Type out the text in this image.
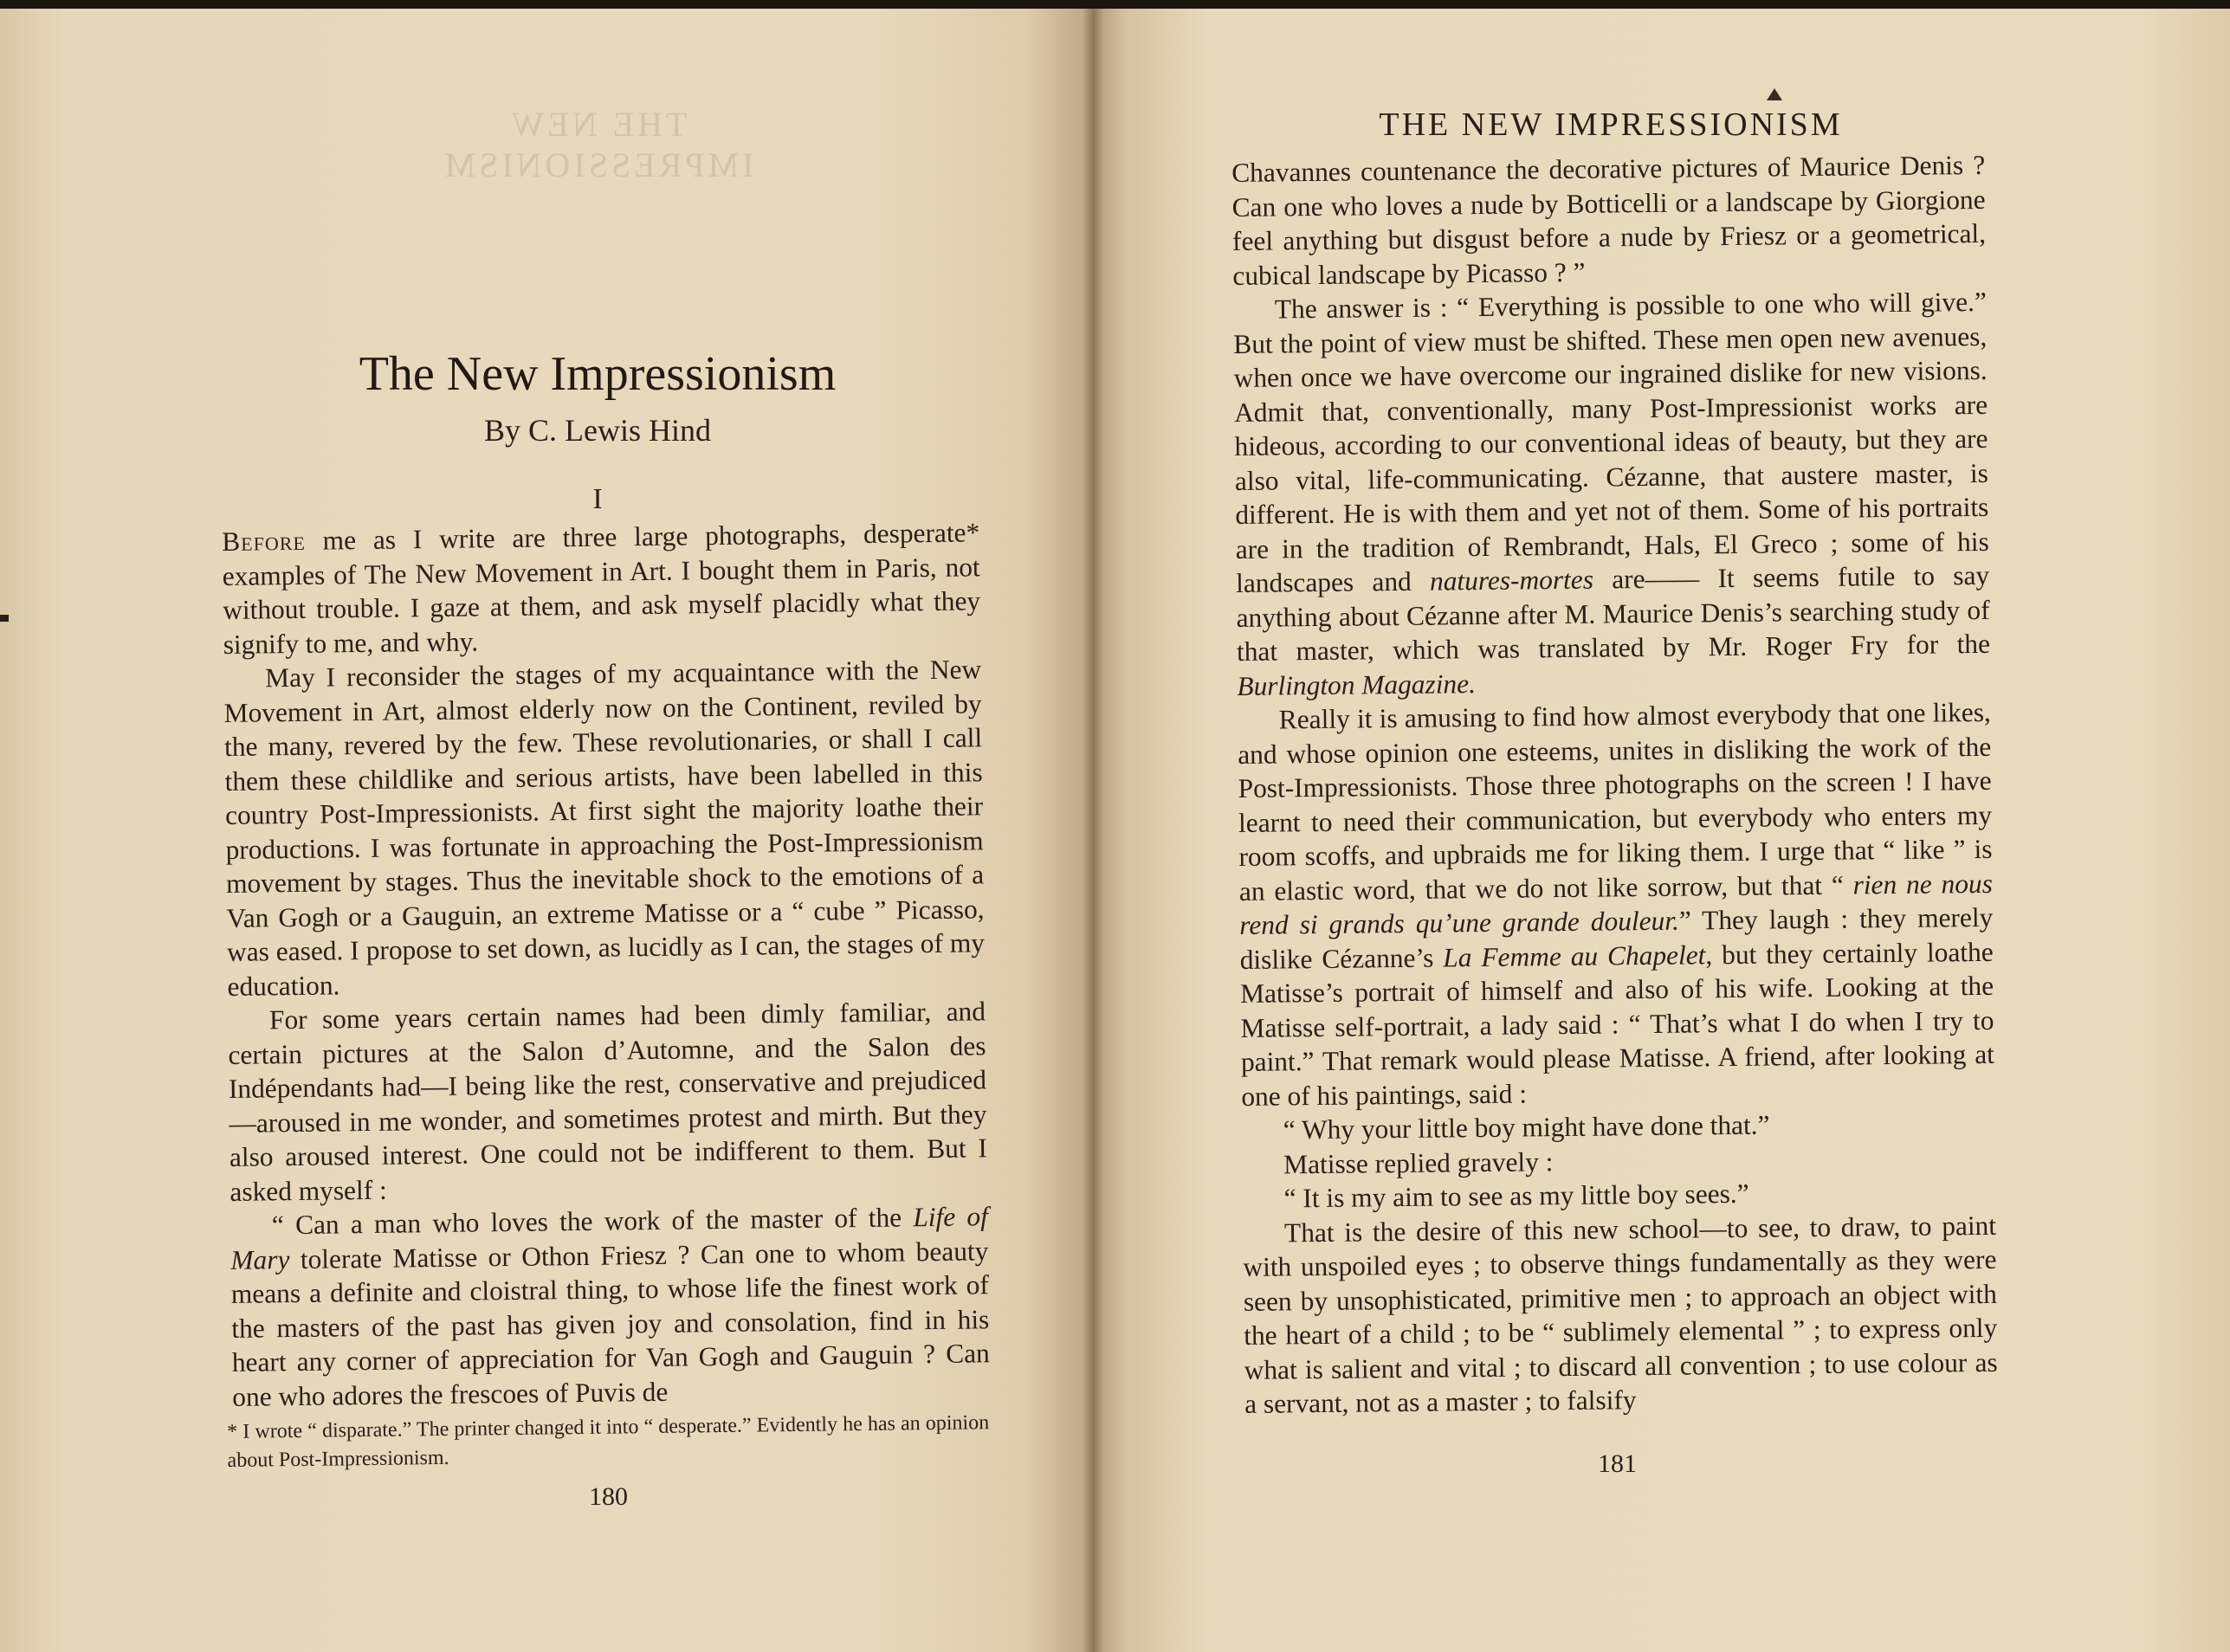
THE NEW IMPRESSIONISM
The New Impressionism
By C. Lewis Hind
I

Before me as I write are three large photographs, desperate* examples of The New Movement in Art. I bought them in Paris, not without trouble. I gaze at them, and ask myself placidly what they signify to me, and why.

May I reconsider the stages of my acquaintance with the New Movement in Art, almost elderly now on the Continent, reviled by the many, revered by the few. These revolutionaries, or shall I call them these childlike and serious artists, have been labelled in this country Post-Impressionists. At first sight the majority loathe their productions. I was fortunate in approaching the Post-Impressionism movement by stages. Thus the inevitable shock to the emotions of a Van Gogh or a Gauguin, an extreme Matisse or a “ cube ” Picasso, was eased. I propose to set down, as lucidly as I can, the stages of my education.

For some years certain names had been dimly familiar, and certain pictures at the Salon d’Automne, and the Salon des Indépendants had—I being like the rest, conservative and prejudiced—aroused in me wonder, and sometimes protest and mirth. But they also aroused interest. One could not be indifferent to them. But I asked myself :

“ Can a man who loves the work of the master of the Life of Mary tolerate Matisse or Othon Friesz ? Can one to whom beauty means a definite and cloistral thing, to whose life the finest work of the masters of the past has given joy and consolation, find in his heart any corner of appreciation for Van Gogh and Gauguin ? Can one who adores the frescoes of Puvis de

* I wrote “ disparate.” The printer changed it into “ desperate.” Evidently he has an opinion about Post-Impressionism.
180
THE NEW IMPRESSIONISM

Chavannes countenance the decorative pictures of Maurice Denis ? Can one who loves a nude by Botticelli or a landscape by Giorgione feel anything but disgust before a nude by Friesz or a geometrical, cubical landscape by Picasso ? ”

The answer is : “ Everything is possible to one who will give.” But the point of view must be shifted. These men open new avenues, when once we have overcome our ingrained dislike for new visions. Admit that, conventionally, many Post-Impressionist works are hideous, according to our conventional ideas of beauty, but they are also vital, life-communicating. Cézanne, that austere master, is different. He is with them and yet not of them. Some of his portraits are in the tradition of Rembrandt, Hals, El Greco ; some of his landscapes and natures-mortes are—— It seems futile to say anything about Cézanne after M. Maurice Denis’s searching study of that master, which was translated by Mr. Roger Fry for the Burlington Magazine.

Really it is amusing to find how almost everybody that one likes, and whose opinion one esteems, unites in disliking the work of the Post-Impressionists. Those three photographs on the screen ! I have learnt to need their communication, but everybody who enters my room scoffs, and upbraids me for liking them. I urge that “ like ” is an elastic word, that we do not like sorrow, but that “ rien ne nous rend si grands qu’une grande douleur.” They laugh : they merely dislike Cézanne’s La Femme au Chapelet, but they certainly loathe Matisse’s portrait of himself and also of his wife. Looking at the Matisse self-portrait, a lady said : “ That’s what I do when I try to paint.” That remark would please Matisse. A friend, after looking at one of his paintings, said :

“ Why your little boy might have done that.”

Matisse replied gravely :

“ It is my aim to see as my little boy sees.”

That is the desire of this new school—to see, to draw, to paint with unspoiled eyes ; to observe things fundamentally as they were seen by unsophisticated, primitive men ; to approach an object with the heart of a child ; to be “ sublimely elemental ” ; to express only what is salient and vital ; to discard all convention ; to use colour as a servant, not as a master ; to falsify

181
